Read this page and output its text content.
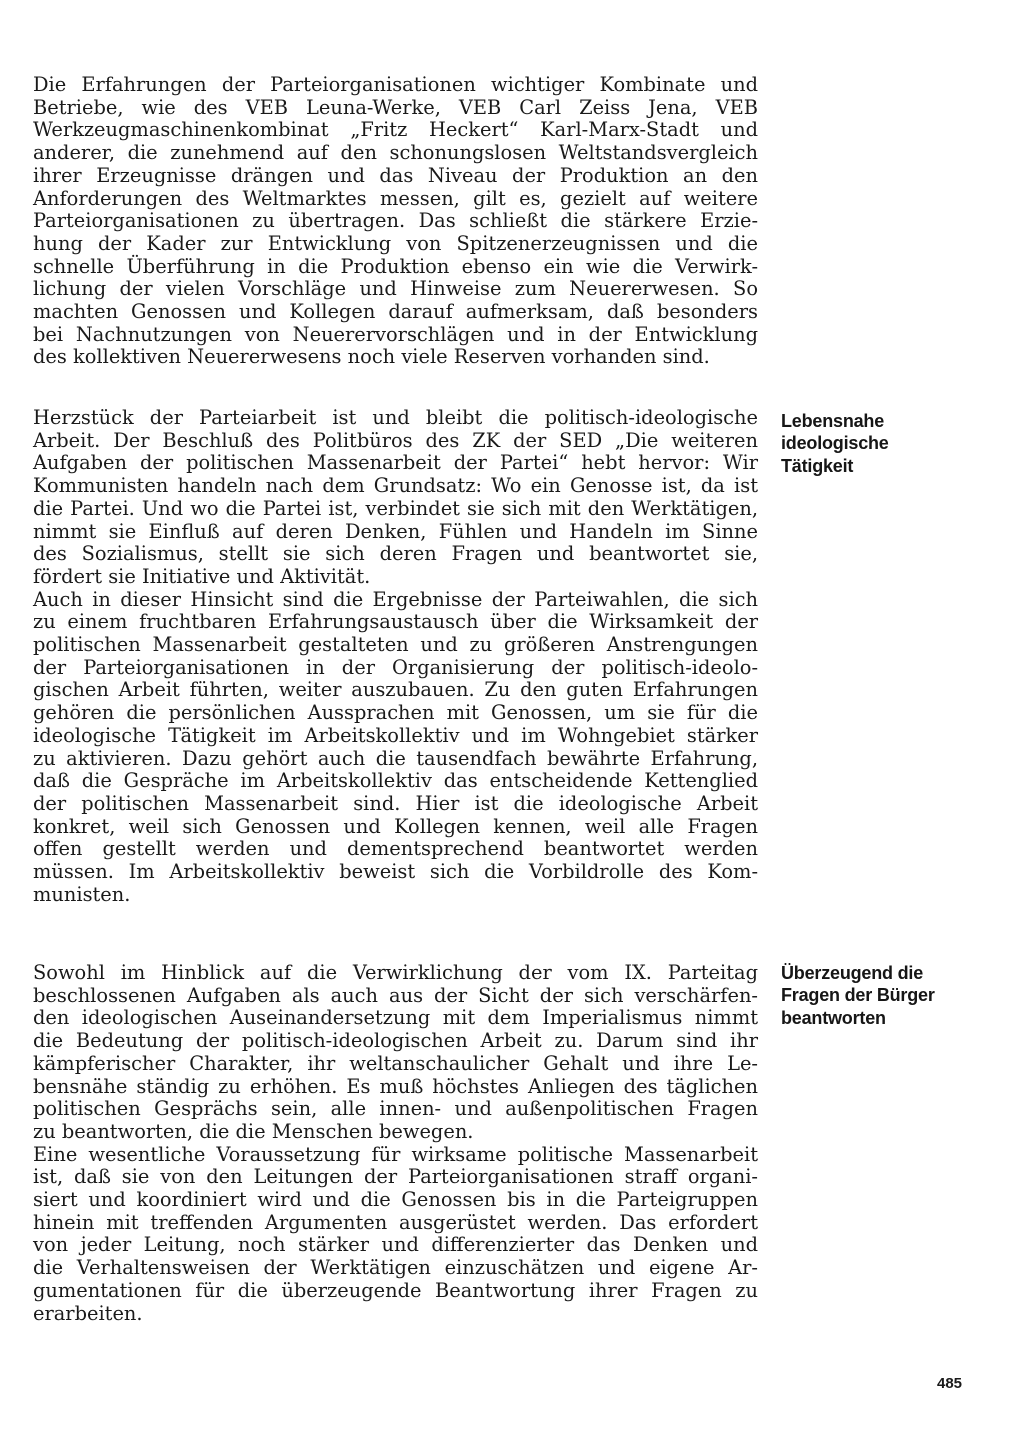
Die Erfahrungen der Parteiorganisationen wichtiger Kombinate und
Betriebe, wie des VEB Leuna-Werke, VEB Carl Zeiss Jena, VEB
Werkzeugmaschinenkombinat „Fritz Heckert“ Karl-Marx-Stadt und
anderer, die zunehmend auf den schonungslosen Weltstandsvergleich
ihrer Erzeugnisse drängen und das Niveau der Produktion an den
Anforderungen des Weltmarktes messen, gilt es, gezielt auf weitere
Parteiorganisationen zu übertragen. Das schließt die stärkere Erzie-
hung der Kader zur Entwicklung von Spitzenerzeugnissen und die
schnelle Überführung in die Produktion ebenso ein wie die Verwirk-
lichung der vielen Vorschläge und Hinweise zum Neuererwesen. So
machten Genossen und Kollegen darauf aufmerksam, daß besonders
bei Nachnutzungen von Neuerervorschlägen und in der Entwicklung
des kollektiven Neuererwesens noch viele Reserven vorhanden sind.
Herzstück der Parteiarbeit ist und bleibt die politisch-ideologische
Arbeit. Der Beschluß des Politbüros des ZK der SED „Die weiteren
Aufgaben der politischen Massenarbeit der Partei“ hebt hervor: Wir
Kommunisten handeln nach dem Grundsatz: Wo ein Genosse ist, da ist
die Partei. Und wo die Partei ist, verbindet sie sich mit den Werktätigen,
nimmt sie Einfluß auf deren Denken, Fühlen und Handeln im Sinne
des Sozialismus, stellt sie sich deren Fragen und beantwortet sie,
fördert sie Initiative und Aktivität.
Auch in dieser Hinsicht sind die Ergebnisse der Parteiwahlen, die sich
zu einem fruchtbaren Erfahrungsaustausch über die Wirksamkeit der
politischen Massenarbeit gestalteten und zu größeren Anstrengungen
der Parteiorganisationen in der Organisierung der politisch-ideolo-
gischen Arbeit führten, weiter auszubauen. Zu den guten Erfahrungen
gehören die persönlichen Aussprachen mit Genossen, um sie für die
ideologische Tätigkeit im Arbeitskollektiv und im Wohngebiet stärker
zu aktivieren. Dazu gehört auch die tausendfach bewährte Erfahrung,
daß die Gespräche im Arbeitskollektiv das entscheidende Kettenglied
der politischen Massenarbeit sind. Hier ist die ideologische Arbeit
konkret, weil sich Genossen und Kollegen kennen, weil alle Fragen
offen gestellt werden und dementsprechend beantwortet werden
müssen. Im Arbeitskollektiv beweist sich die Vorbildrolle des Kom-
munisten.
Lebensnahe
ideologische
Tätigkeit
Sowohl im Hinblick auf die Verwirklichung der vom IX. Parteitag
beschlossenen Aufgaben als auch aus der Sicht der sich verschärfen-
den ideologischen Auseinandersetzung mit dem Imperialismus nimmt
die Bedeutung der politisch-ideologischen Arbeit zu. Darum sind ihr
kämpferischer Charakter, ihr weltanschaulicher Gehalt und ihre Le-
bensnähe ständig zu erhöhen. Es muß höchstes Anliegen des täglichen
politischen Gesprächs sein, alle innen- und außenpolitischen Fragen
zu beantworten, die die Menschen bewegen.
Eine wesentliche Voraussetzung für wirksame politische Massenarbeit
ist, daß sie von den Leitungen der Parteiorganisationen straff organi-
siert und koordiniert wird und die Genossen bis in die Parteigruppen
hinein mit treffenden Argumenten ausgerüstet werden. Das erfordert
von jeder Leitung, noch stärker und differenzierter das Denken und
die Verhaltensweisen der Werktätigen einzuschätzen und eigene Ar-
gumentationen für die überzeugende Beantwortung ihrer Fragen zu
erarbeiten.
Überzeugend die
Fragen der Bürger
beantworten
485
